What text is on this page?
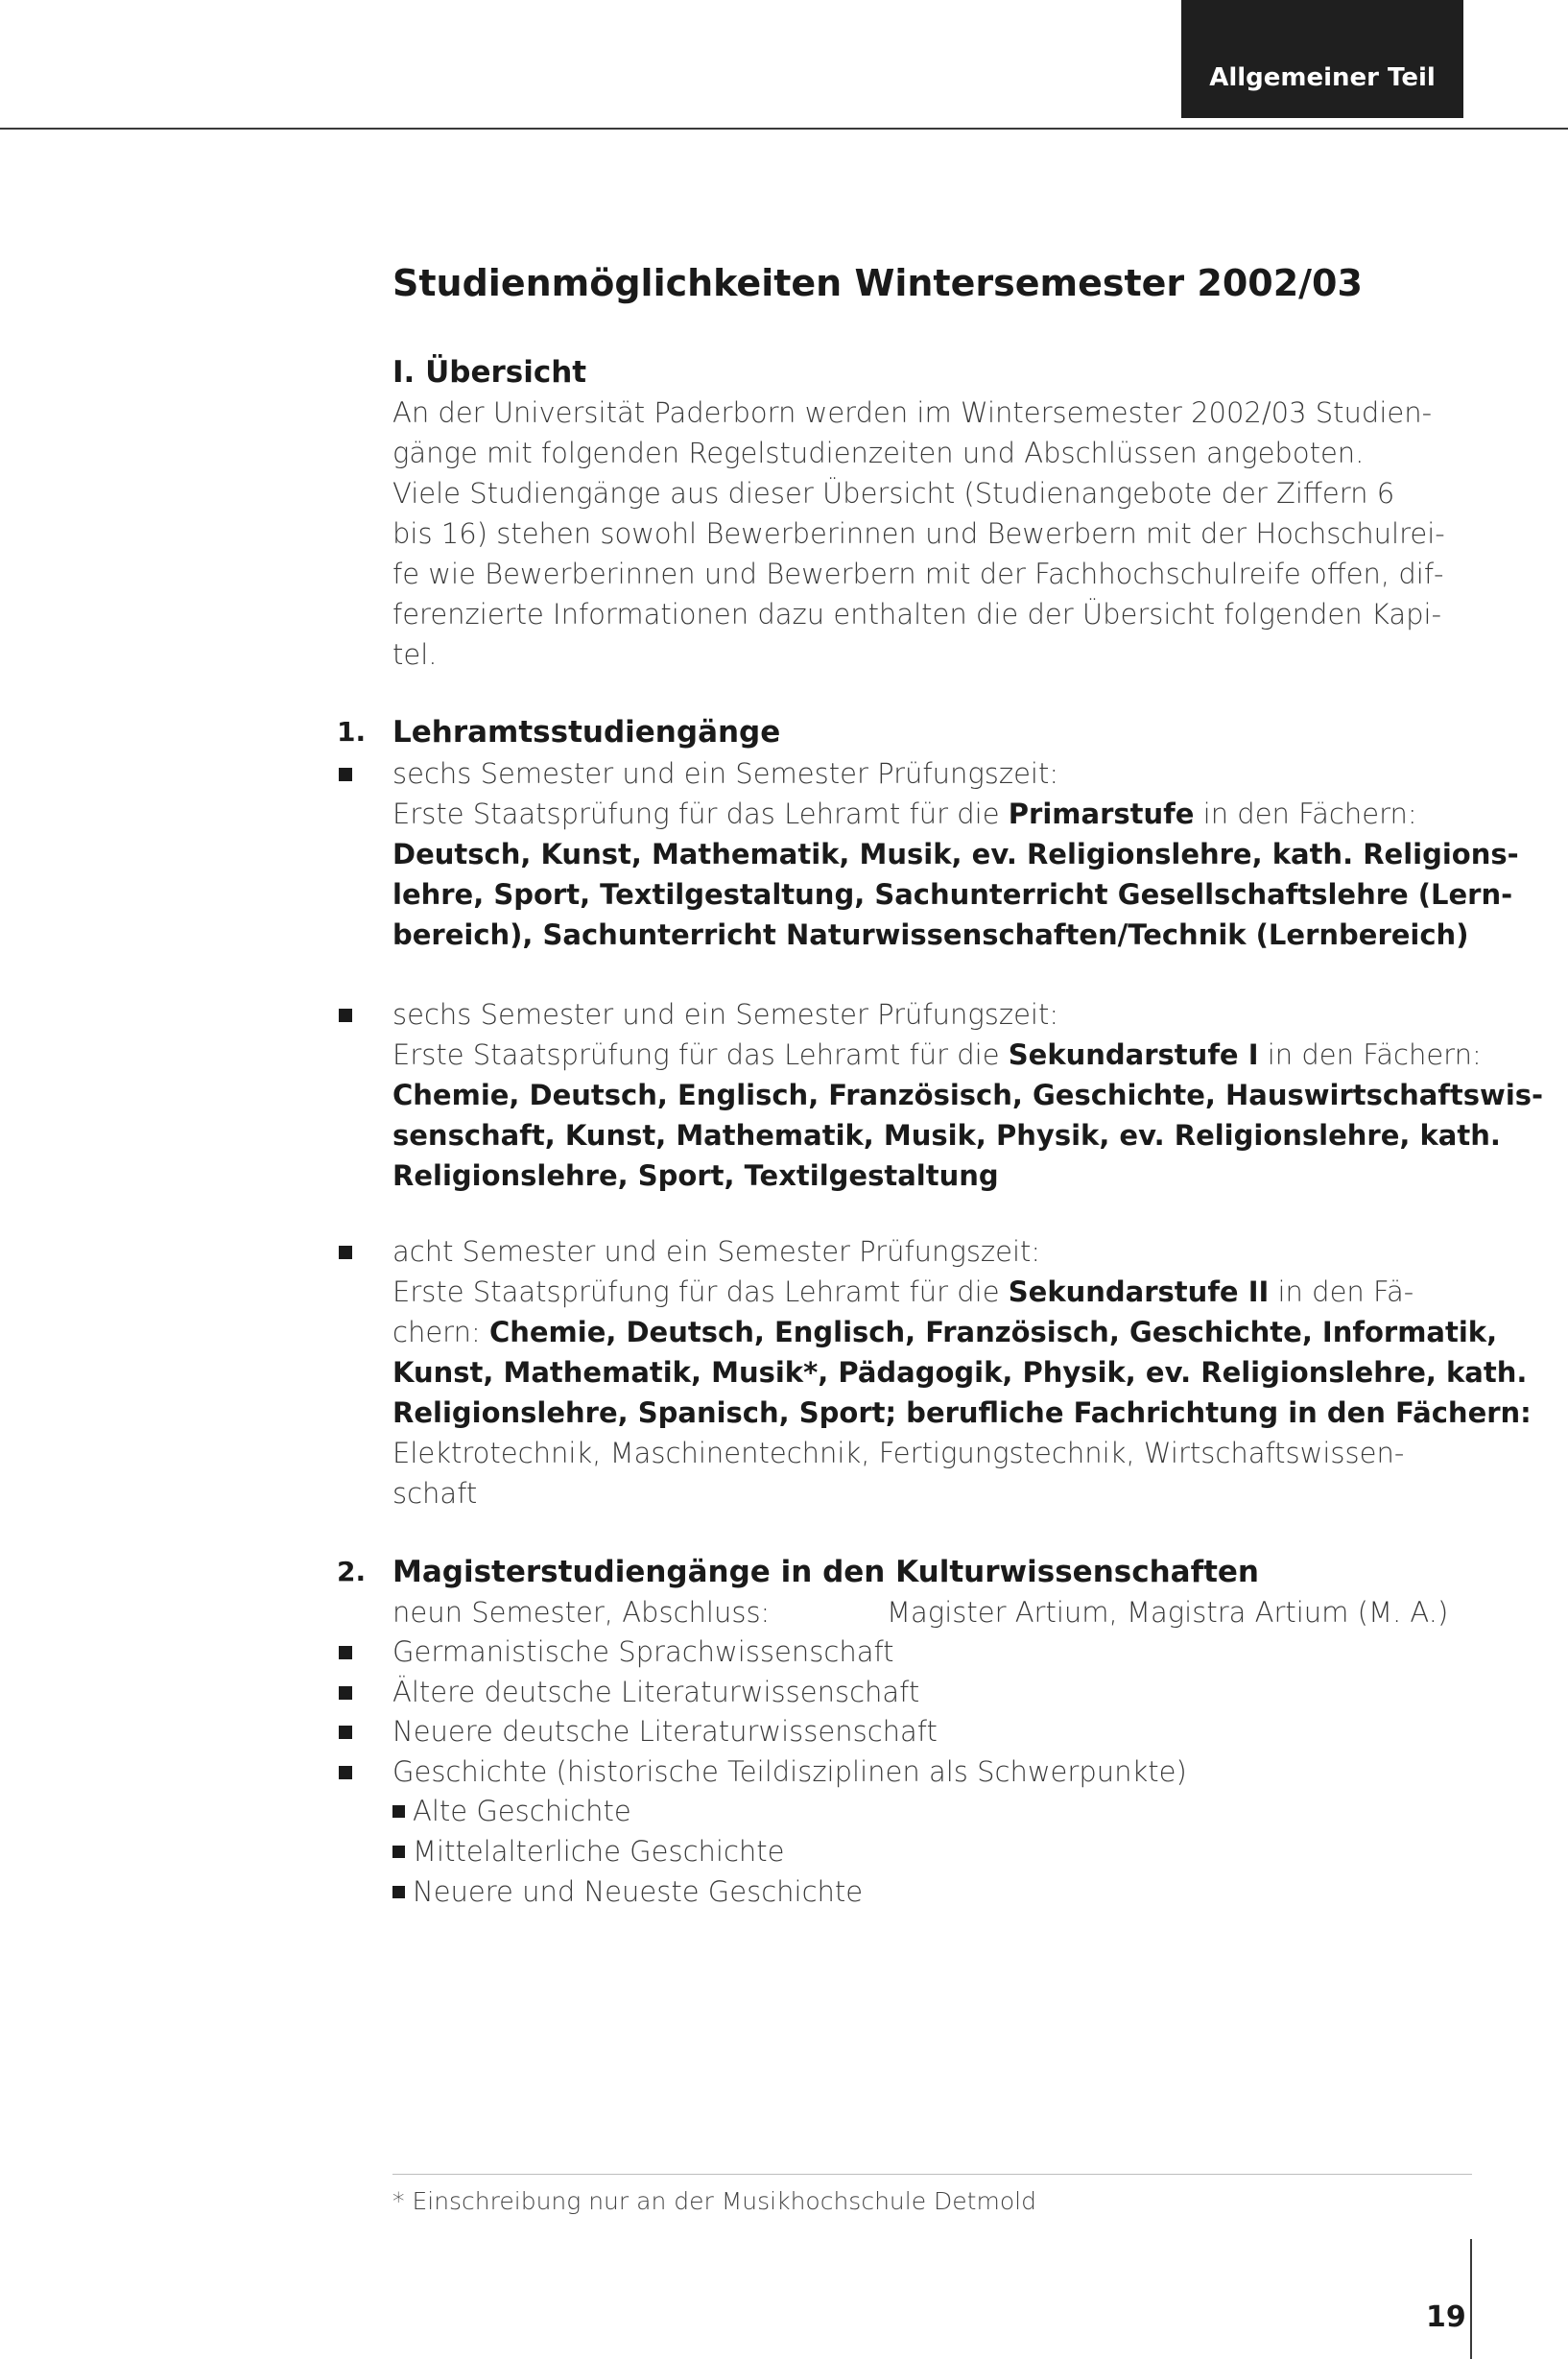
Allgemeiner Teil
Studienmöglichkeiten Wintersemester 2002/03
I. Übersicht
An der Universität Paderborn werden im Wintersemester 2002/03 Studien-
gänge mit folgenden Regelstudienzeiten und Abschlüssen angeboten.
Viele Studiengänge aus dieser Übersicht (Studienangebote der Ziffern 6
bis 16) stehen sowohl Bewerberinnen und Bewerbern mit der Hochschulrei-
fe wie Bewerberinnen und Bewerbern mit der Fachhochschulreife offen, dif-
ferenzierte Informationen dazu enthalten die der Übersicht folgenden Kapi-
tel.
1. Lehramtsstudiengänge
sechs Semester und ein Semester Prüfungszeit:
Erste Staatsprüfung für das Lehramt für die Primarstufe in den Fächern:
Deutsch, Kunst, Mathematik, Musik, ev. Religionslehre, kath. Religions-
lehre, Sport, Textilgestaltung, Sachunterricht Gesellschaftslehre (Lern-
bereich), Sachunterricht Naturwissenschaften/Technik (Lernbereich)
sechs Semester und ein Semester Prüfungszeit:
Erste Staatsprüfung für das Lehramt für die Sekundarstufe I in den Fächern:
Chemie, Deutsch, Englisch, Französisch, Geschichte, Hauswirtschaftswis-
senschaft, Kunst, Mathematik, Musik, Physik, ev. Religionslehre, kath.
Religionslehre, Sport, Textilgestaltung
acht Semester und ein Semester Prüfungszeit:
Erste Staatsprüfung für das Lehramt für die Sekundarstufe II in den Fä-
chern: Chemie, Deutsch, Englisch, Französisch, Geschichte, Informatik,
Kunst, Mathematik, Musik*, Pädagogik, Physik, ev. Religionslehre, kath.
Religionslehre, Spanisch, Sport; berufliche Fachrichtung in den Fächern:
Elektrotechnik, Maschinentechnik, Fertigungstechnik, Wirtschaftswissen-
schaft
2. Magisterstudiengänge in den Kulturwissenschaften
neun Semester, Abschluss:	Magister Artium, Magistra Artium (M. A.)
Germanistische Sprachwissenschaft
Ältere deutsche Literaturwissenschaft
Neuere deutsche Literaturwissenschaft
Geschichte (historische Teildisziplinen als Schwerpunkte)
Alte Geschichte
Mittelalterliche Geschichte
Neuere und Neueste Geschichte
* Einschreibung nur an der Musikhochschule Detmold
19
